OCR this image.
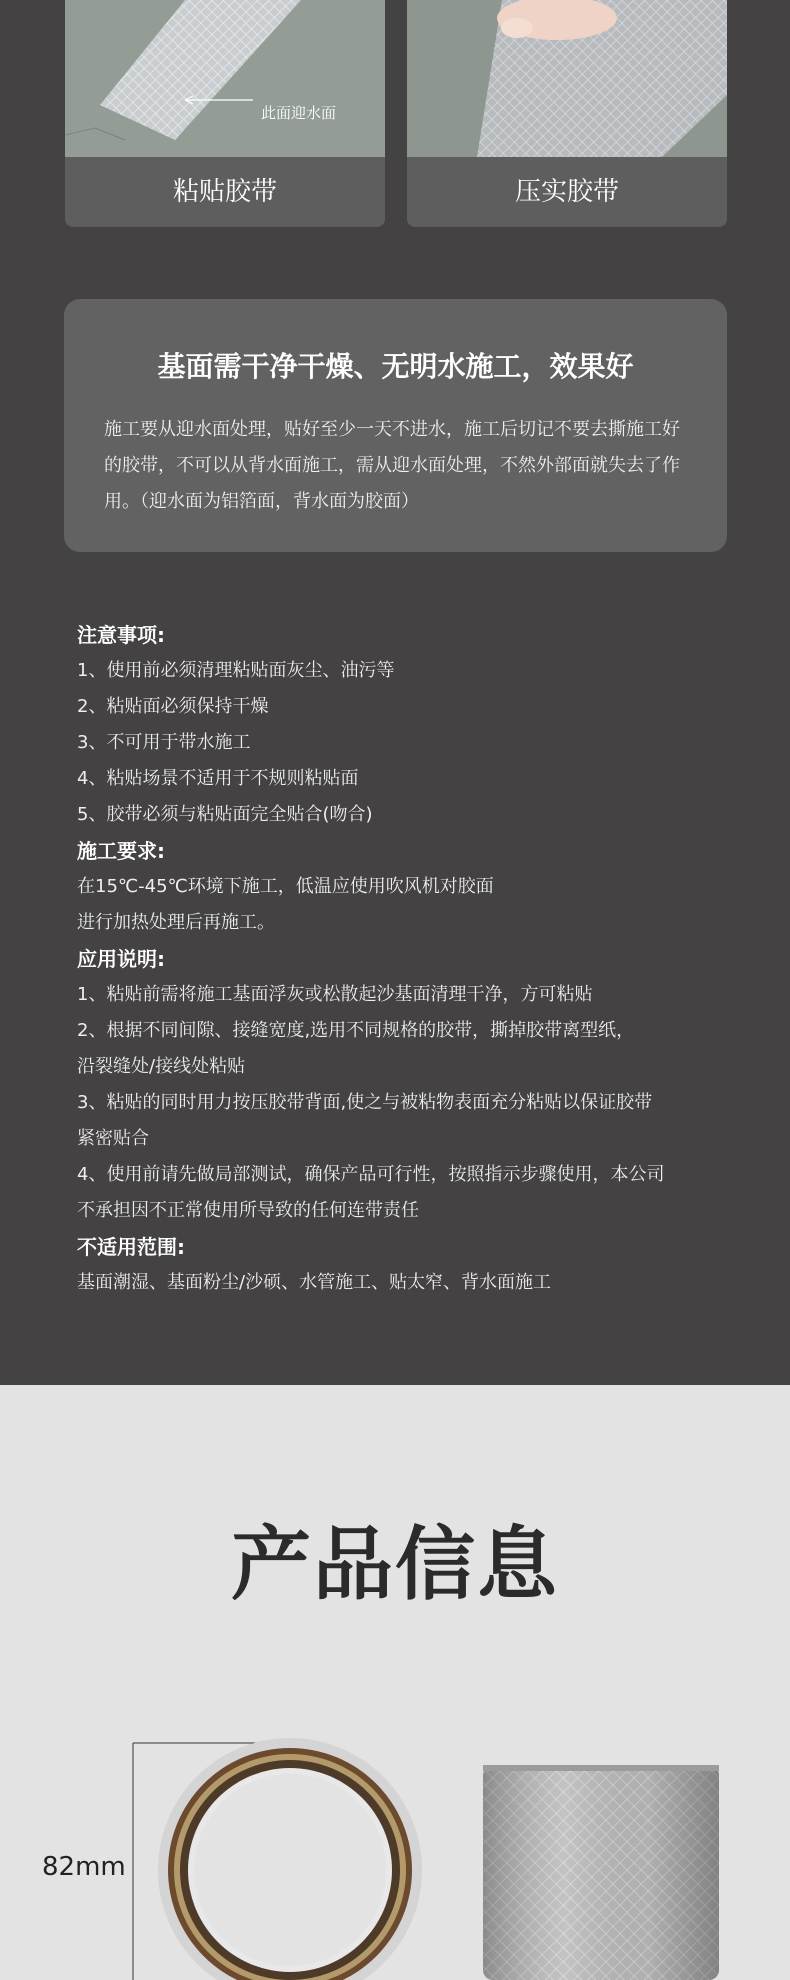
此面迎水面
粘贴胶带	压实胶带
基面需干净干燥、无明水施工，效果好
施工要从迎水面处理，贴好至少一天不进水，施工后切记不要去撕施工好的胶带，不可以从背水面施工，需从迎水面处理，不然外部面就失去了作用。（迎水面为铝箔面，背水面为胶面）
注意事项:
1、使用前必须清理粘贴面灰尘、油污等
2、粘贴面必须保持干燥
3、不可用于带水施工
4、粘贴场景不适用于不规则粘贴面
5、胶带必须与粘贴面完全贴合(吻合)
施工要求:
在15℃-45℃环境下施工，低温应使用吹风机对胶面
进行加热处理后再施工。
应用说明:
1、粘贴前需将施工基面浮灰或松散起沙基面清理干净，方可粘贴
2、根据不同间隙、接缝宽度,选用不同规格的胶带，撕掉胶带离型纸，
沿裂缝处/接线处粘贴
3、粘贴的同时用力按压胶带背面,使之与被粘物表面充分粘贴以保证胶带
紧密贴合
4、使用前请先做局部测试，确保产品可行性，按照指示步骤使用，本公司
不承担因不正常使用所导致的任何连带责任
不适用范围:
基面潮湿、基面粉尘/沙硕、水管施工、贴太窄、背水面施工
产品信息
82mm
